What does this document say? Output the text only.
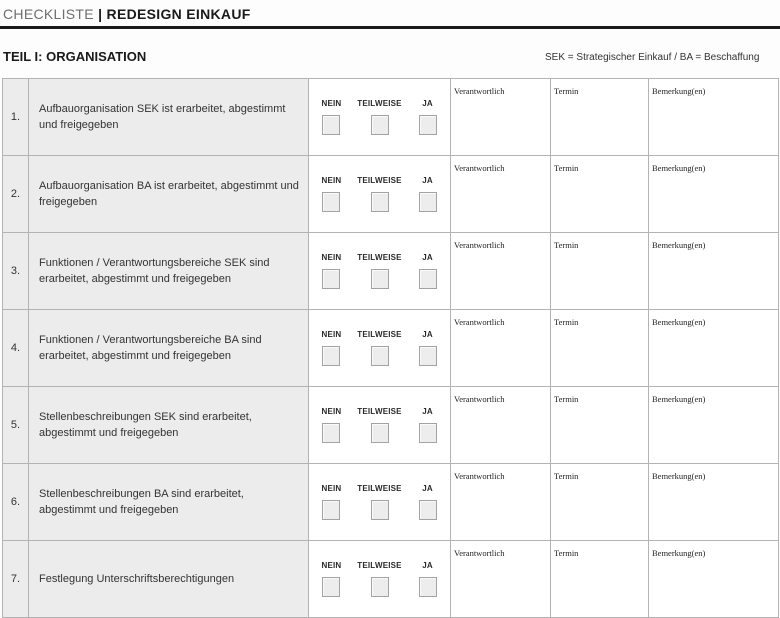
CHECKLISTE | REDESIGN EINKAUF
TEIL I: ORGANISATION	SEK = Strategischer Einkauf / BA = Beschaffung
1.
Aufbauorganisation SEK ist erarbeitet, abgestimmt und freigegeben
NEIN TEILWEISE	JA
Verantwortlich	Termin	Bemerkung(en)
2.
Aufbauorganisation BA ist erarbeitet, abgestimmt und freigegeben
NEIN TEILWEISE	JA
Verantwortlich	Termin	Bemerkung(en)
3.
Funktionen / Verantwortungsbereiche SEK sind erarbeitet, abgestimmt und freigegeben
NEIN TEILWEISE	JA
Verantwortlich	Termin	Bemerkung(en)
4.
Funktionen / Verantwortungsbereiche BA sind erarbeitet, abgestimmt und freigegeben
NEIN TEILWEISE	JA
Verantwortlich	Termin	Bemerkung(en)
5.
Stellenbeschreibungen SEK sind erarbeitet, abgestimmt und freigegeben
NEIN TEILWEISE	JA
Verantwortlich	Termin	Bemerkung(en)
6.
Stellenbeschreibungen BA sind erarbeitet, abgestimmt und freigegeben
NEIN TEILWEISE	JA
Verantwortlich	Termin	Bemerkung(en)
7.	Festlegung Unterschriftsberechtigungen
NEIN TEILWEISE	JA
Verantwortlich	Termin	Bemerkung(en)
